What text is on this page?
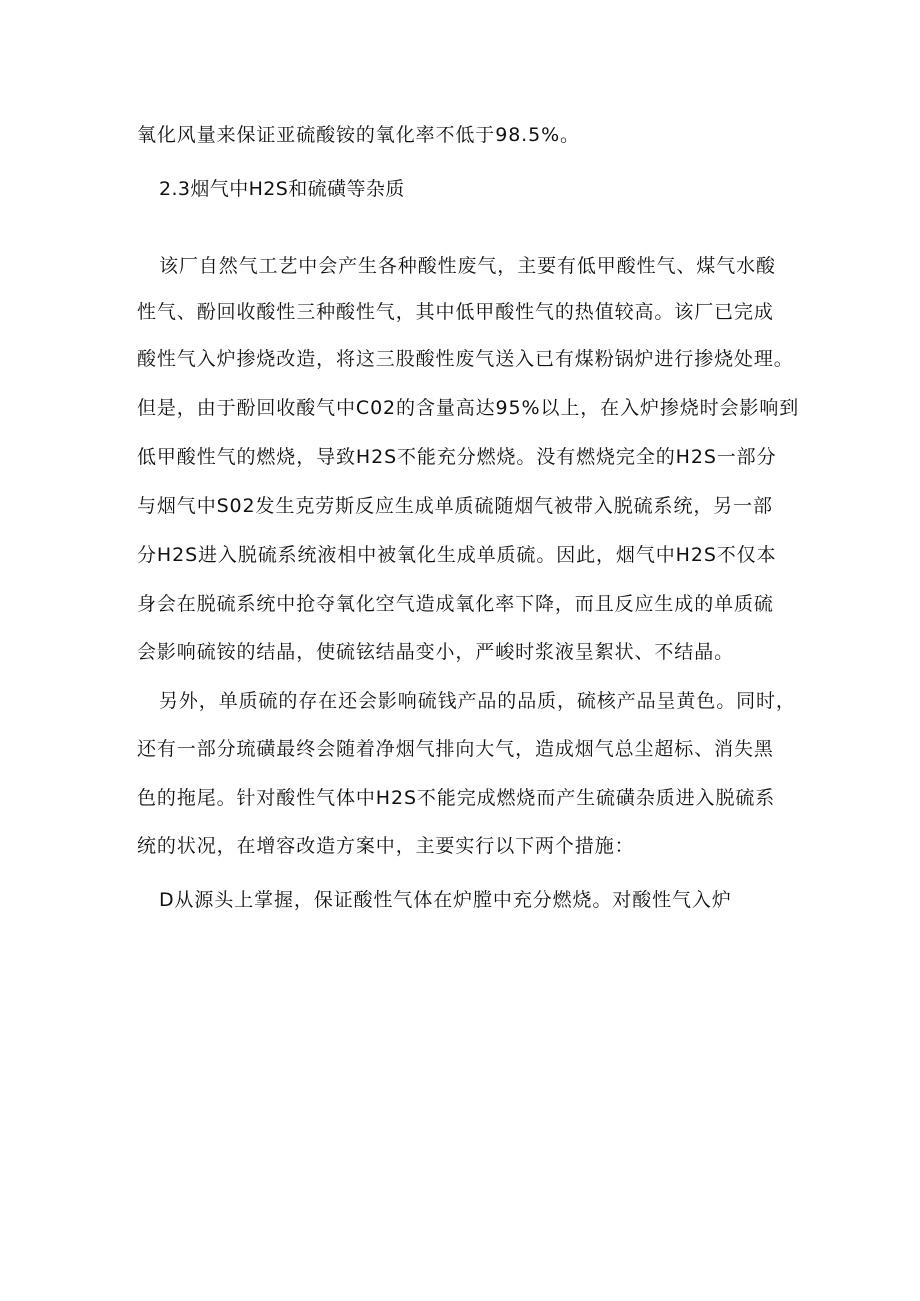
氧化风量来保证亚硫酸铵的氧化率不低于98.5%。
2.3烟气中H2S和硫磺等杂质
该厂自然气工艺中会产生各种酸性废气，主要有低甲酸性气、煤气水酸
性气、酚回收酸性三种酸性气，其中低甲酸性气的热值较高。该厂已完成
酸性气入炉掺烧改造，将这三股酸性废气送入已有煤粉锅炉进行掺烧处理。
但是，由于酚回收酸气中C02的含量高达95%以上，在入炉掺烧时会影响到
低甲酸性气的燃烧，导致H2S不能充分燃烧。没有燃烧完全的H2S一部分
与烟气中S02发生克劳斯反应生成单质硫随烟气被带入脱硫系统，另一部
分H2S进入脱硫系统液相中被氧化生成单质硫。因此，烟气中H2S不仅本
身会在脱硫系统中抢夺氧化空气造成氧化率下降，而且反应生成的单质硫
会影响硫铵的结晶，使硫铉结晶变小，严峻时浆液呈絮状、不结晶。
另外，单质硫的存在还会影响硫钱产品的品质，硫核产品呈黄色。同时，
还有一部分琉磺最终会随着净烟气排向大气，造成烟气总尘超标、消失黑
色的拖尾。针对酸性气体中H2S不能完成燃烧而产生硫磺杂质进入脱硫系
统的状况，在增容改造方案中，主要实行以下两个措施：
D从源头上掌握，保证酸性气体在炉膛中充分燃烧。对酸性气入炉
